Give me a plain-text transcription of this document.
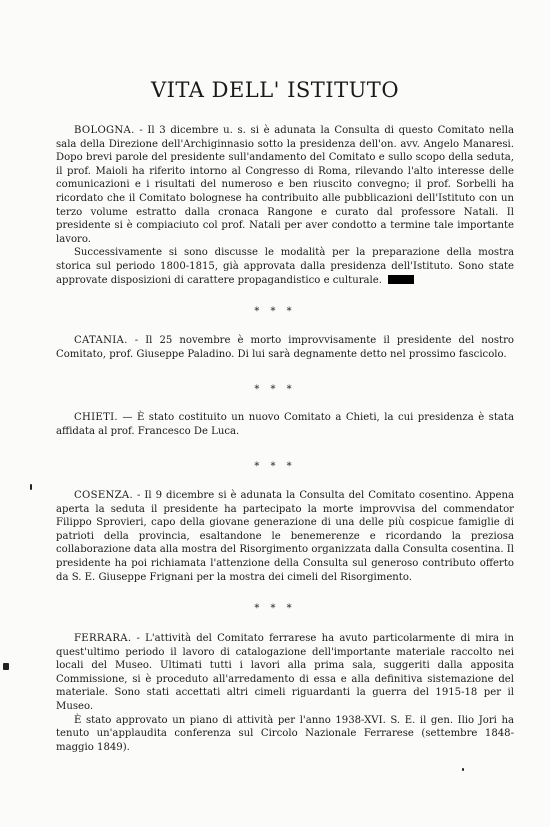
VITA DELL' ISTITUTO

BOLOGNA. - Il 3 dicembre u. s. si è adunata la Consulta di questo Comitato nella sala della Direzione dell'Archiginnasio sotto la presidenza dell'on. avv. Angelo Manaresi. Dopo brevi parole del presidente sull'andamento del Comitato e sullo scopo della seduta, il prof. Maioli ha riferito intorno al Congresso di Roma, rilevando l'alto interesse delle comunicazioni e i risultati del numeroso e ben riuscito convegno; il prof. Sorbelli ha ricordato che il Comitato bolognese ha contribuito alle pubblicazioni dell'Istituto con un terzo volume estratto dalla cronaca Rangone e curato dal professore Natali. Il presidente si è compiaciuto col prof. Natali per aver condotto a termine tale importante lavoro.

Successivamente si sono discusse le modalità per la preparazione della mostra storica sul periodo 1800-1815, già approvata dalla presidenza dell'Istituto. Sono state approvate disposizioni di carattere propagandistico e culturale.

* * *

CATANIA. - Il 25 novembre è morto improvvisamente il presidente del nostro Comitato, prof. Giuseppe Paladino. Di lui sarà degnamente detto nel prossimo fascicolo.

* * *

CHIETI. — È stato costituito un nuovo Comitato a Chieti, la cui presidenza è stata affidata al prof. Francesco De Luca.

* * *

COSENZA. - Il 9 dicembre si è adunata la Consulta del Comitato cosentino. Appena aperta la seduta il presidente ha partecipato la morte improvvisa del commendator Filippo Sprovieri, capo della giovane generazione di una delle più cospicue famiglie di patrioti della provincia, esaltandone le benemerenze e ricordando la preziosa collaborazione data alla mostra del Risorgimento organizzata dalla Consulta cosentina. Il presidente ha poi richiamata l'attenzione della Consulta sul generoso contributo offerto da S. E. Giuseppe Frignani per la mostra dei cimeli del Risorgimento.

* * *

FERRARA. - L'attività del Comitato ferrarese ha avuto particolarmente di mira in quest'ultimo periodo il lavoro di catalogazione dell'importante materiale raccolto nei locali del Museo. Ultimati tutti i lavori alla prima sala, suggeriti dalla apposita Commissione, si è proceduto all'arredamento di essa e alla definitiva sistemazione del materiale. Sono stati accettati altri cimeli riguardanti la guerra del 1915-18 per il Museo.

È stato approvato un piano di attività per l'anno 1938-XVI. S. E. il gen. Ilio Jori ha tenuto un'applaudita conferenza sul Circolo Nazionale Ferrarese (settembre 1848-maggio 1849).
